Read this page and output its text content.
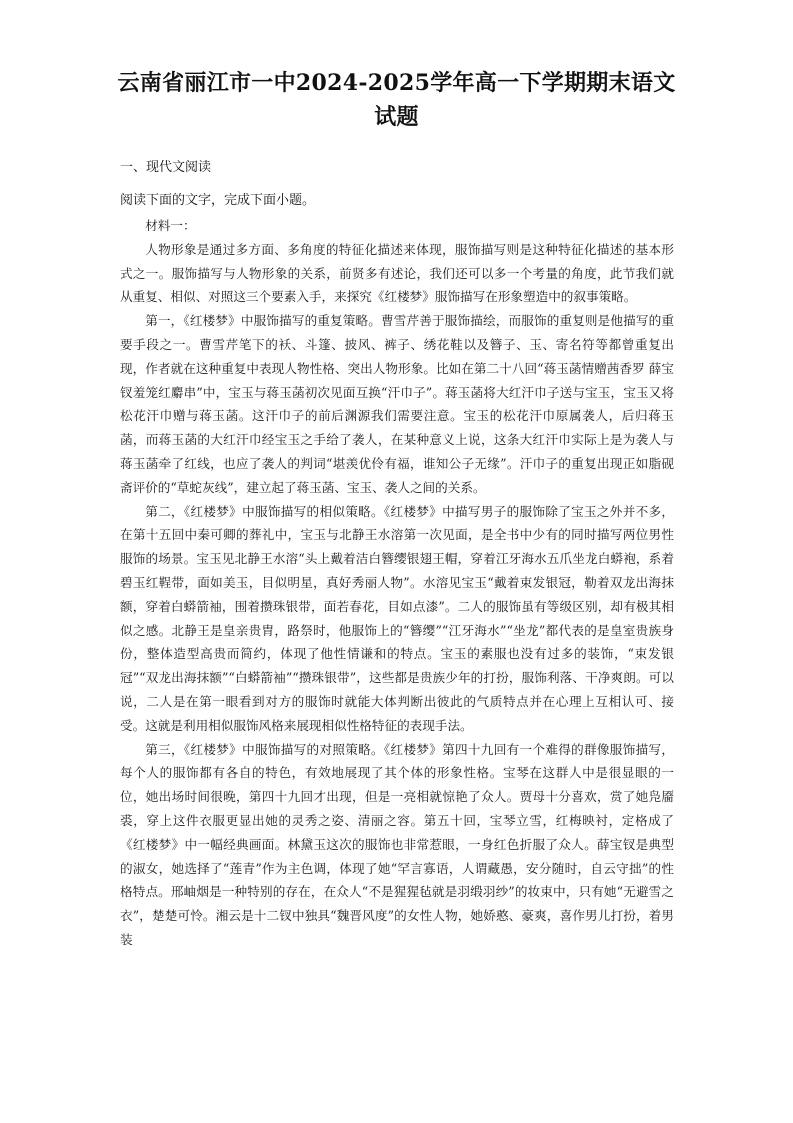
云南省丽江市一中2024-2025学年高一下学期期末语文试题
一、现代文阅读
阅读下面的文字，完成下面小题。

材料一：

人物形象是通过多方面、多角度的特征化描述来体现，服饰描写则是这种特征化描述的基本形式之一。服饰描写与人物形象的关系，前贤多有述论，我们还可以多一个考量的角度，此节我们就从重复、相似、对照这三个要素入手，来探究《红楼梦》服饰描写在形象塑造中的叙事策略。

第一，《红楼梦》中服饰描写的重复策略。曹雪芹善于服饰描绘，而服饰的重复则是他描写的重要手段之一。曹雪芹笔下的袄、斗篷、披风、裤子、绣花鞋以及簪子、玉、寄名符等都曾重复出现，作者就在这种重复中表现人物性格、突出人物形象。比如在第二十八回“蒋玉菡情赠茜香罗 薛宝钗羞笼红麝串”中，宝玉与蒋玉菡初次见面互换“汗巾子”。蒋玉菡将大红汗巾子送与宝玉，宝玉又将松花汗巾赠与蒋玉菡。这汗巾子的前后渊源我们需要注意。宝玉的松花汗巾原属袭人，后归蒋玉菡，而蒋玉菡的大红汗巾经宝玉之手给了袭人，在某种意义上说，这条大红汗巾实际上是为袭人与蒋玉菡牵了红线，也应了袭人的判词“堪羡优伶有福，谁知公子无缘”。汗巾子的重复出现正如脂砚斋评价的“草蛇灰线”，建立起了蒋玉菡、宝玉、袭人之间的关系。

第二，《红楼梦》中服饰描写的相似策略。《红楼梦》中描写男子的服饰除了宝玉之外并不多，在第十五回中秦可卿的葬礼中，宝玉与北静王水溶第一次见面，是全书中少有的同时描写两位男性服饰的场景。宝玉见北静王水溶“头上戴着洁白簪缨银翅王帽，穿着江牙海水五爪坐龙白蟒袍，系着碧玉红鞓带，面如美玉，目似明星，真好秀丽人物”。水溶见宝玉“戴着束发银冠，勒着双龙出海抹额，穿着白蟒箭袖，围着攒珠银带，面若春花，目如点漆”。二人的服饰虽有等级区别，却有极其相似之感。北静王是皇亲贵胄，路祭时，他服饰上的“簪缨”“江牙海水”“坐龙”都代表的是皇室贵族身份，整体造型高贵而简约，体现了他性情谦和的特点。宝玉的素服也没有过多的装饰，“束发银冠”“双龙出海抹额”“白蟒箭袖”“攒珠银带”，这些都是贵族少年的打扮，服饰利落、干净爽朗。可以说，二人是在第一眼看到对方的服饰时就能大体判断出彼此的气质特点并在心理上互相认可、接受。这就是利用相似服饰风格来展现相似性格特征的表现手法。

第三，《红楼梦》中服饰描写的对照策略。《红楼梦》第四十九回有一个难得的群像服饰描写，每个人的服饰都有各自的特色，有效地展现了其个体的形象性格。宝琴在这群人中是很显眼的一位，她出场时间很晚，第四十九回才出现，但是一亮相就惊艳了众人。贾母十分喜欢，赏了她凫靥裘，穿上这件衣服更显出她的灵秀之姿、清丽之容。第五十回，宝琴立雪，红梅映衬，定格成了《红楼梦》中一幅经典画面。林黛玉这次的服饰也非常惹眼，一身红色折服了众人。薛宝钗是典型的淑女，她选择了“莲青”作为主色调，体现了她“罕言寡语，人谓藏愚，安分随时，自云守拙”的性格特点。邢岫烟是一种特别的存在，在众人“不是猩猩毡就是羽缎羽纱”的妆束中，只有她“无避雪之衣”，楚楚可怜。湘云是十二钗中独具“魏晋风度”的女性人物，她娇憨、豪爽，喜作男儿打扮，着男装
